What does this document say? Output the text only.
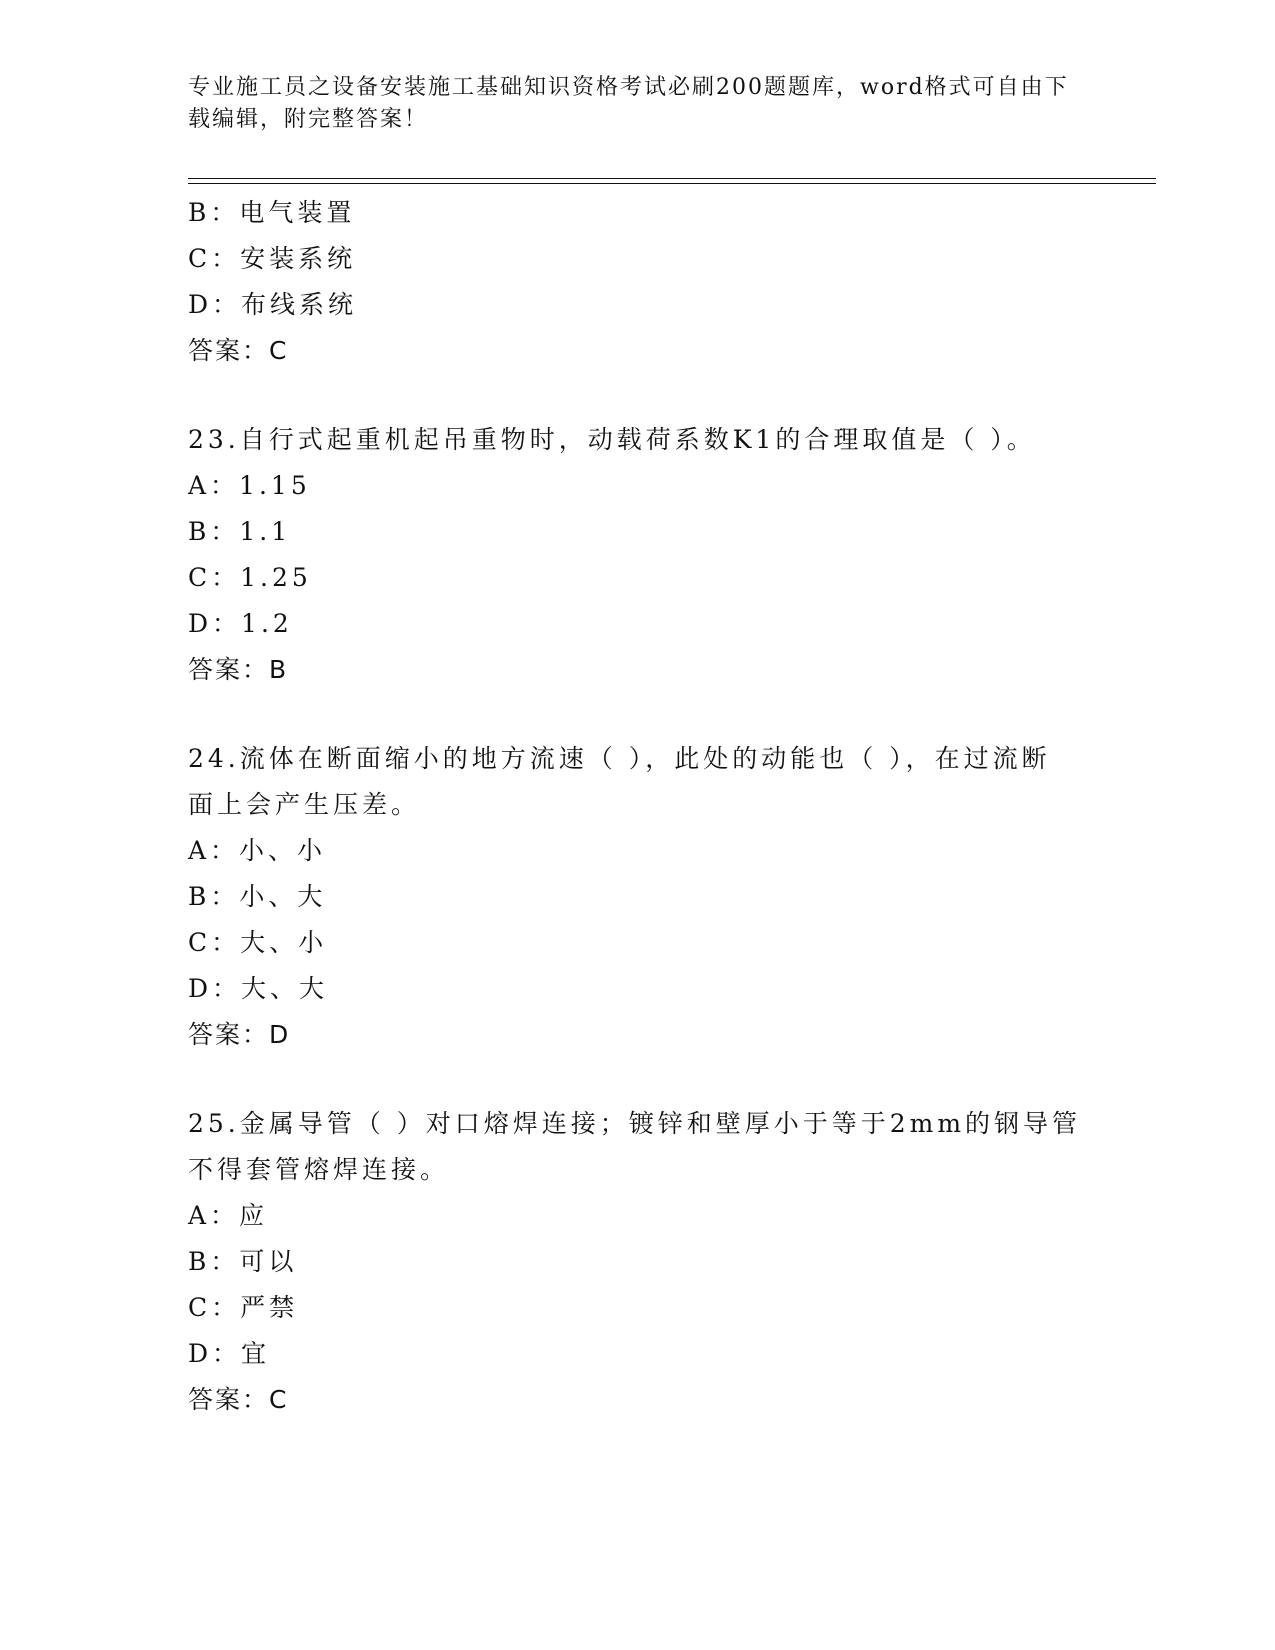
专业施工员之设备安装施工基础知识资格考试必刷200题题库，word格式可自由下载编辑，附完整答案！
B：电气装置
C：安装系统
D：布线系统
答案：C
23.自行式起重机起吊重物时，动载荷系数K1的合理取值是（ ）。
A：1.15
B：1.1
C：1.25
D：1.2
答案：B
24.流体在断面缩小的地方流速（ ），此处的动能也（ ），在过流断
面上会产生压差。
A：小、小
B：小、大
C：大、小
D：大、大
答案：D
25.金属导管（ ）对口熔焊连接；镀锌和壁厚小于等于2mm的钢导管
不得套管熔焊连接。
A：应
B：可以
C：严禁
D：宜
答案：C
